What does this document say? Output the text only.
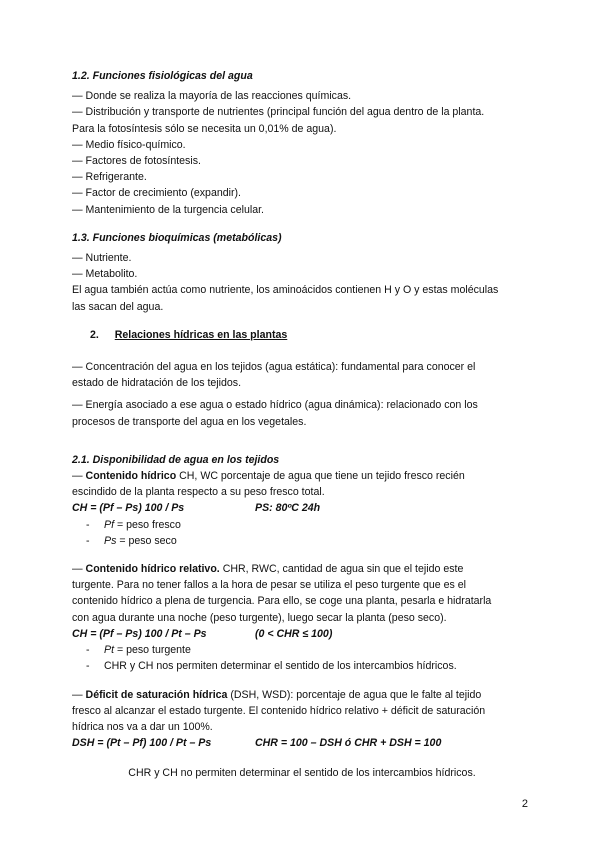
1.2. Funciones fisiológicas del agua

— Donde se realiza la mayoría de las reacciones químicas.

— Distribución y transporte de nutrientes (principal función del agua dentro de la planta.

Para la fotosíntesis sólo se necesita un 0,01% de agua).

— Medio físico-químico.

— Factores de fotosíntesis.

— Refrigerante.

— Factor de crecimiento (expandir).

— Mantenimiento de la turgencia celular.

1.3. Funciones bioquímicas (metabólicas)

— Nutriente.

— Metabolito.

El agua también actúa como nutriente, los aminoácidos contienen H y O y estas moléculas

las sacan del agua.

2. Relaciones hídricas en las plantas

— Concentración del agua en los tejidos (agua estática): fundamental para conocer el

estado de hidratación de los tejidos.

— Energía asociado a ese agua o estado hídrico (agua dinámica): relacionado con los

procesos de transporte del agua en los vegetales.

2.1. Disponibilidad de agua en los tejidos

— Contenido hídrico CH, WC porcentaje de agua que tiene un tejido fresco recién

escindido de la planta respecto a su peso fresco total.

CH = (Pf – Ps) 100 / Ps	PS: 80ºC 24h

- Pf = peso fresco

- Ps = peso seco

— Contenido hídrico relativo. CHR, RWC, cantidad de agua sin que el tejido este

turgente. Para no tener fallos a la hora de pesar se utiliza el peso turgente que es el

contenido hídrico a plena de turgencia. Para ello, se coge una planta, pesarla e hidratarla

con agua durante una noche (peso turgente), luego secar la planta (peso seco).

CH = (Pf – Ps) 100 / Pt – Ps	(0 < CHR ≤ 100)

- Pt = peso turgente

- CHR y CH nos permiten determinar el sentido de los intercambios hídricos.

— Déficit de saturación hídrica (DSH, WSD): porcentaje de agua que le falte al tejido

fresco al alcanzar el estado turgente. El contenido hídrico relativo + déficit de saturación

hídrica nos va a dar un 100%.

DSH = (Pt – Pf) 100 / Pt – Ps	CHR = 100 – DSH ó CHR + DSH = 100

CHR y CH no permiten determinar el sentido de los intercambios hídricos.

2
